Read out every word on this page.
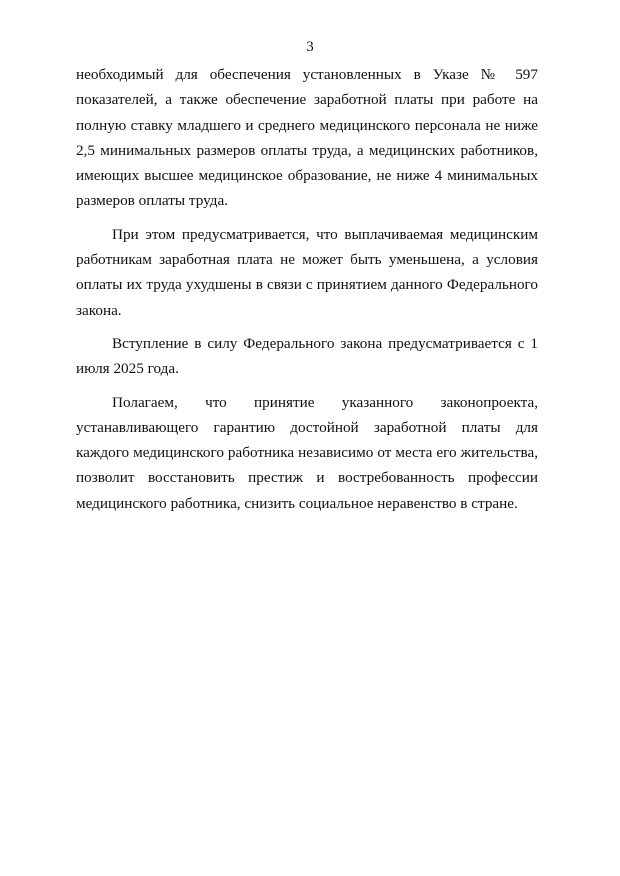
3

необходимый для обеспечения установленных в Указе № 597 показателей, а также обеспечение заработной платы при работе на полную ставку младшего и среднего медицинского персонала не ниже 2,5 минимальных размеров оплаты труда, а медицинских работников, имеющих высшее медицинское образование, не ниже 4 минимальных размеров оплаты труда.

При этом предусматривается, что выплачиваемая медицинским работникам заработная плата не может быть уменьшена, а условия оплаты их труда ухудшены в связи с принятием данного Федерального закона.

Вступление в силу Федерального закона предусматривается с 1 июля 2025 года.

Полагаем, что принятие указанного законопроекта, устанавливающего гарантию достойной заработной платы для каждого медицинского работника независимо от места его жительства, позволит восстановить престиж и востребованность профессии медицинского работника, снизить социальное неравенство в стране.
